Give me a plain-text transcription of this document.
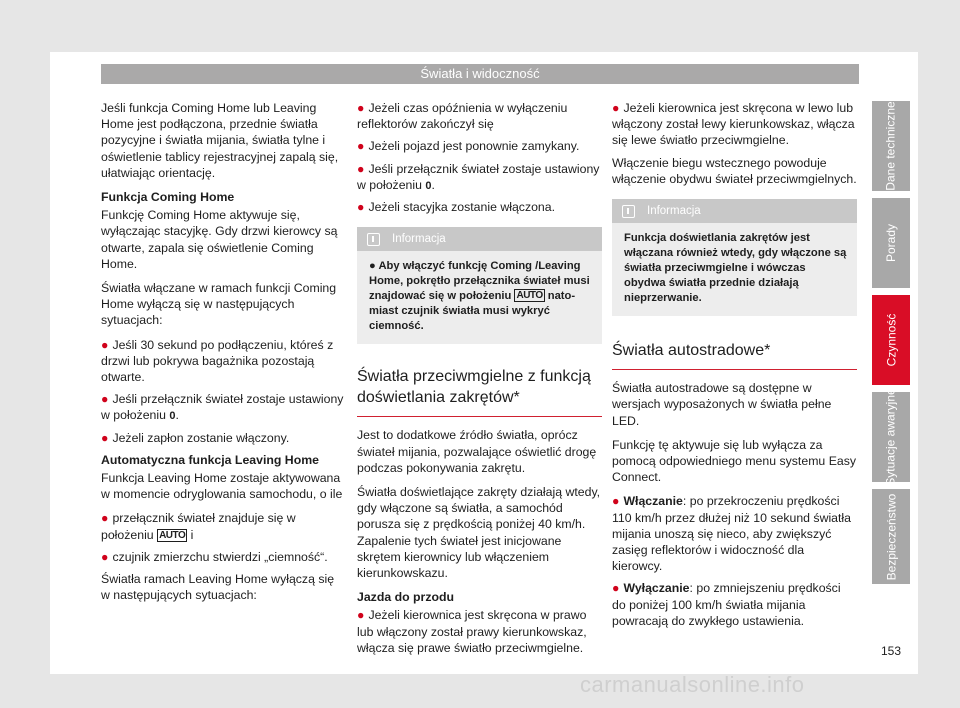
Światła i widoczność

Jeśli funkcja Coming Home lub Leaving Home jest podłączona, przednie światła pozycyjne i światła mijania, światła tylne i oświetlenie tablicy rejestracyjnej zapalą się, ułatwiając orientację.

Funkcja Coming Home

Funkcję Coming Home aktywuje się, wyłączając stacyjkę. Gdy drzwi kierowcy są otwarte, zapala się oświetlenie Coming Home.

Światła włączane w ramach funkcji Coming Home wyłączą się w następujących sytuacjach:

● Jeśli 30 sekund po podłączeniu, któreś z drzwi lub pokrywa bagażnika pozostają otwarte.
● Jeśli przełącznik świateł zostaje ustawiony w położeniu 0.
● Jeżeli zapłon zostanie włączony.

Automatyczna funkcja Leaving Home

Funkcja Leaving Home zostaje aktywowana w momencie odryglowania samochodu, o ile

● przełącznik świateł znajduje się w położeniu AUTO i
● czujnik zmierzchu stwierdzi „ciemność“.

Światła ramach Leaving Home wyłączą się w następujących sytuacjach:

● Jeżeli czas opóźnienia w wyłączeniu reflektorów zakończył się
● Jeżeli pojazd jest ponownie zamykany.
● Jeśli przełącznik świateł zostaje ustawiony w położeniu 0.
● Jeżeli stacyjka zostanie włączona.
Informacja
● Aby włączyć funkcję Coming /Leaving Home, pokrętło przełącznika świateł musi znajdować się w położeniu AUTO nato-miast czujnik światła musi wykryć ciemność.
Światła przeciwmgielne z funkcją doświetlania zakrętów*

Jest to dodatkowe źródło światła, oprócz świateł mijania, pozwalające oświetlić drogę podczas pokonywania zakrętu.

Światła doświetlające zakręty działają wtedy, gdy włączone są światła, a samochód porusza się z prędkością poniżej 40 km/h. Zapalenie tych świateł jest inicjowane skrętem kierownicy lub włączeniem kierunkowskazu.

Jazda do przodu

● Jeżeli kierownica jest skręcona w prawo lub włączony został prawy kierunkowskaz, włącza się prawe światło przeciwmgielne.
● Jeżeli kierownica jest skręcona w lewo lub włączony został lewy kierunkowskaz, włącza się lewe światło przeciwmgielne.

Włączenie biegu wstecznego powoduje włączenie obydwu świateł przeciwmgielnych.

Informacja
Funkcja doświetlania zakrętów jest włączana również wtedy, gdy włączone są światła przeciwmgielne i wówczas obydwa światła przednie działają nieprzerwanie.
Światła autostradowe*

Światła autostradowe są dostępne w wersjach wyposażonych w światła pełne LED.

Funkcję tę aktywuje się lub wyłącza za pomocą odpowiedniego menu systemu Easy Connect.

● Włączanie: po przekroczeniu prędkości 110 km/h przez dłużej niż 10 sekund światła mijania unoszą się nieco, aby zwiększyć zasięg reflektorów i widoczność dla kierowcy.
● Wyłączanie: po zmniejszeniu prędkości do poniżej 100 km/h światła mijania powracają do zwykłego ustawienia.
Dane techniczne
Porady
Czynność
Sytuacje awaryjne
Bezpieczeństwo
153
carmanualsonline.info
